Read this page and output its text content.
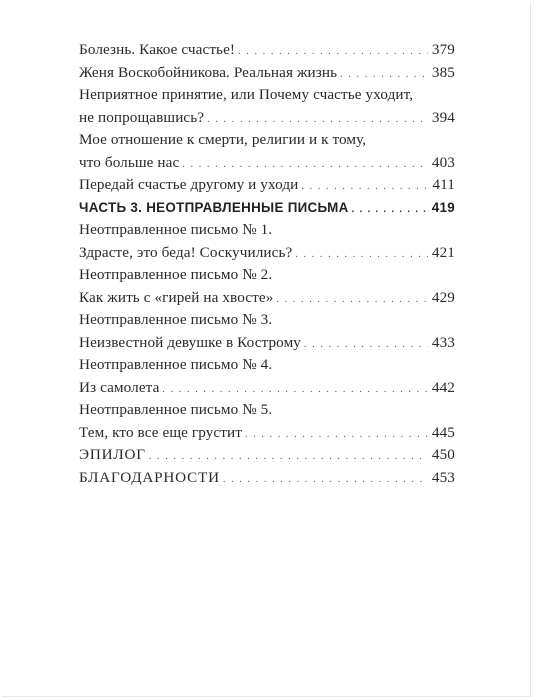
Болезнь. Какое счастье! . . .	379
Женя Воскобойникова. Реальная жизнь . . .	385
Неприятное принятие, или Почему счастье уходит,
не попрощавшись? . . .	394
Мое отношение к смерти, религии и к тому,
что больше нас . . .	403
Передай счастье другому и уходи . . .	411
ЧАСТЬ 3. НЕОТПРАВЛЕННЫЕ ПИСЬМА . . .	419
Неотправленное письмо № 1.
Здрасте, это беда! Соскучились? . . .	421
Неотправленное письмо № 2.
Как жить с «гирей на хвосте» . . .	429
Неотправленное письмо № 3.
Неизвестной девушке в Кострому . . .	433
Неотправленное письмо № 4.
Из самолета . . .	442
Неотправленное письмо № 5.
Тем, кто все еще грустит . . .	445
ЭПИЛОГ . . .	450
БЛАГОДАРНОСТИ . . .	453
